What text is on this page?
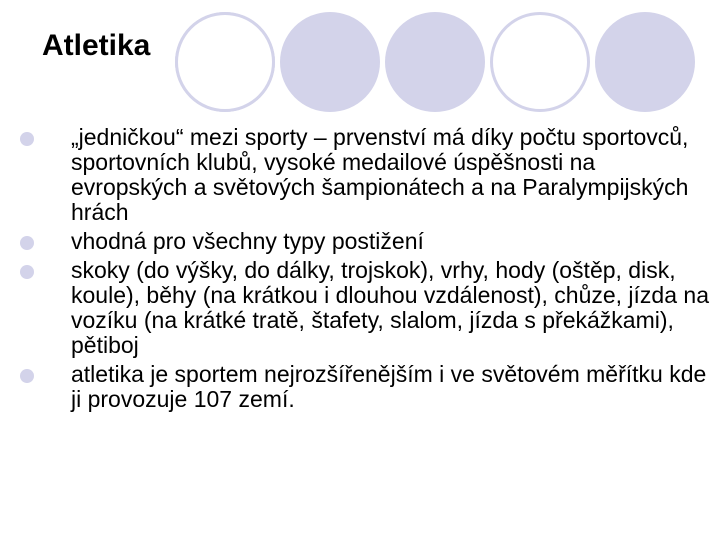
Atletika
„jedničkou“ mezi sporty – prvenství má díky počtu sportovců, sportovních klubů, vysoké medailové úspěšnosti na evropských a světových šampionátech a na Paralympijských hrách
vhodná pro všechny typy postižení
skoky (do výšky, do dálky, trojskok), vrhy, hody (oštěp, disk, koule), běhy (na krátkou i dlouhou vzdálenost), chůze, jízda na vozíku (na krátké tratě, štafety, slalom, jízda s překážkami), pětiboj
atletika je sportem nejrozšířenějším i ve světovém měřítku kde ji provozuje 107 zemí.
